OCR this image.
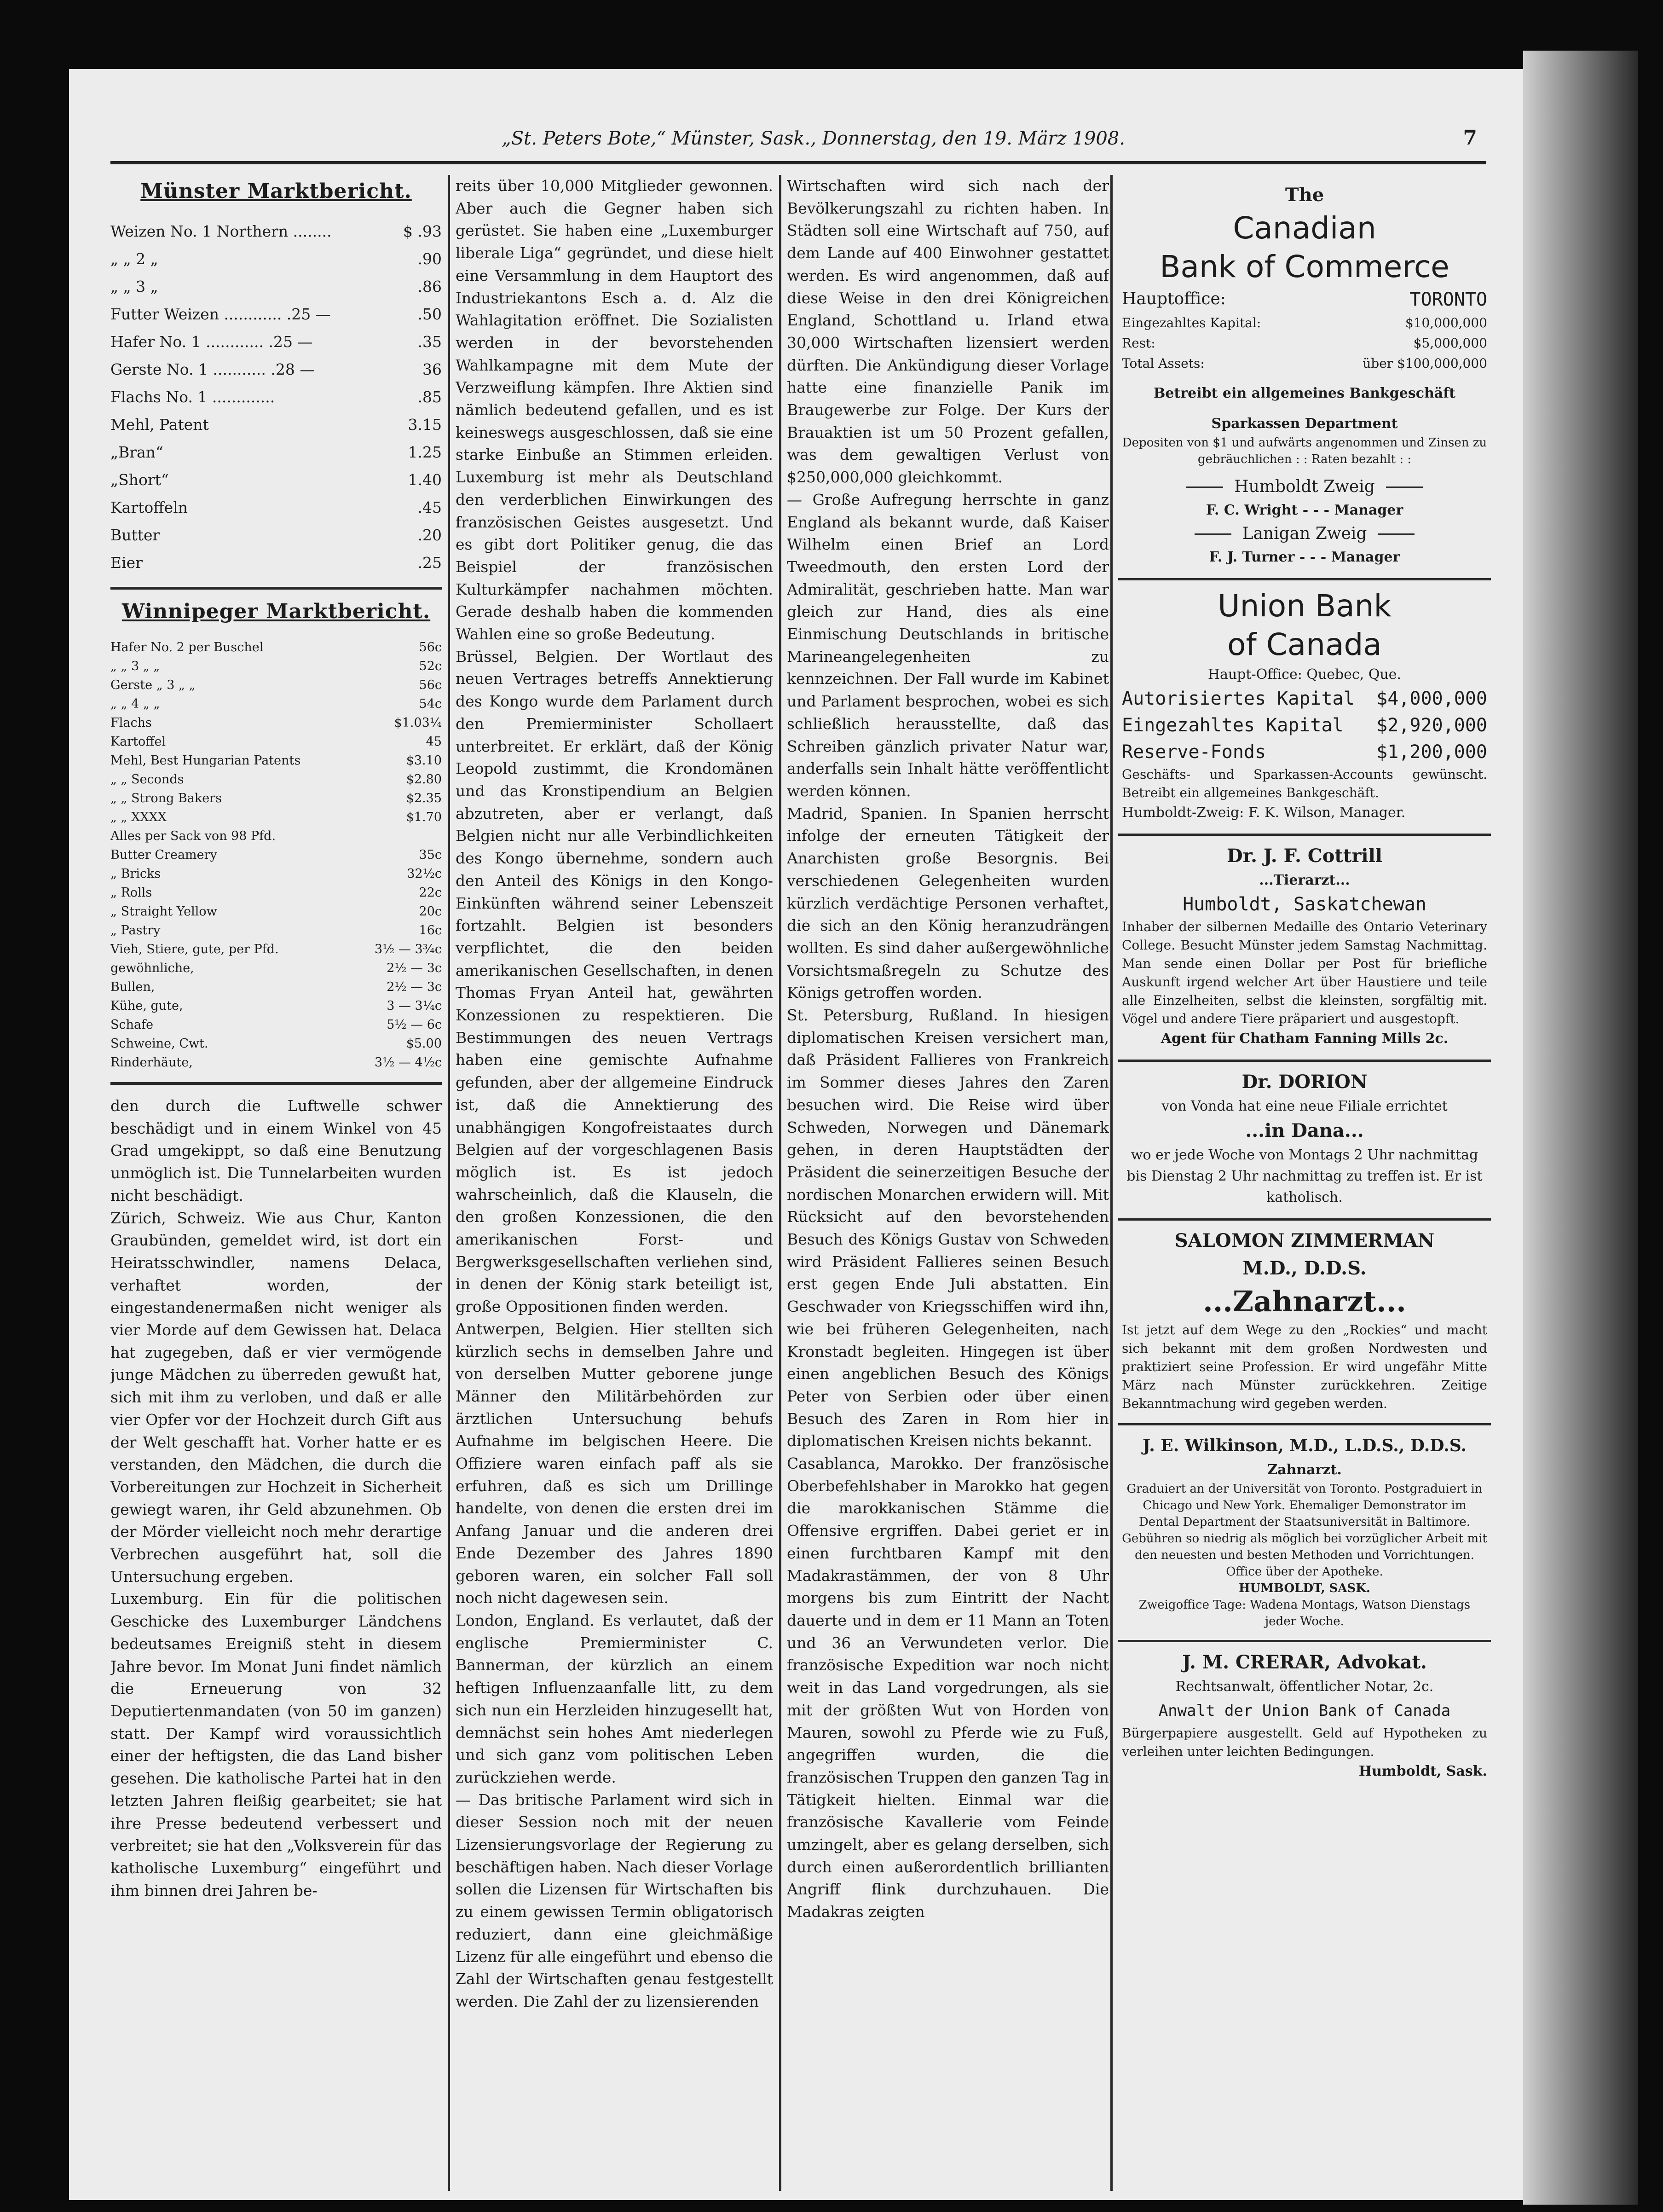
„St. Peters Bote,“ Münster, Sask., Donnerstag, den 19. März 1908.	7
Münster Marktbericht.
Weizen No. 1 Northern ........	$ .93
„ „ 2 „	.90
„ „ 3 „	.86
Futter Weizen ............ .25 —	.50
Hafer No. 1 ............ .25 —	.35
Gerste No. 1 ........... .28 —	36
Flachs No. 1 .............	.85
Mehl, Patent	3.15
„Bran“	1.25
„Short“	1.40
Kartoffeln	.45
Butter	.20
Eier	.25
Winnipeger Marktbericht.
Hafer No. 2 per Buschel	56c
„ „ 3 „ „	52c
Gerste „ 3 „ „	56c
„ „ 4 „ „	54c
Flachs	$1.03¼
Kartoffel	45
Mehl, Best Hungarian Patents	$3.10
„ „ Seconds	$2.80
„ „ Strong Bakers	$2.35
„ „ XXXX	$1.70
Alles per Sack von 98 Pfd.
Butter Creamery	35c
„ Bricks	32½c
„ Rolls	22c
„ Straight Yellow	20c
„ Pastry	16c
Vieh, Stiere, gute, per Pfd.	3½ — 3¾c
gewöhnliche,	2½ — 3c
Bullen,	2½ — 3c
Kühe, gute,	3 — 3¼c
Schafe	5½ — 6c
Schweine, Cwt.	$5.00
Rinderhäute,	3½ — 4½c

den durch die Luftwelle schwer beschädigt und in einem Winkel von 45 Grad umgekippt, so daß eine Benutzung unmöglich ist. Die Tunnelarbeiten wurden nicht beschädigt.

Zürich, Schweiz. Wie aus Chur, Kanton Graubünden, gemeldet wird, ist dort ein Heiratsschwindler, namens Delaca, verhaftet worden, der eingestandenermaßen nicht weniger als vier Morde auf dem Gewissen hat. Delaca hat zugegeben, daß er vier vermögende junge Mädchen zu überreden gewußt hat, sich mit ihm zu verloben, und daß er alle vier Opfer vor der Hochzeit durch Gift aus der Welt geschafft hat. Vorher hatte er es verstanden, den Mädchen, die durch die Vorbereitungen zur Hochzeit in Sicherheit gewiegt waren, ihr Geld abzunehmen. Ob der Mörder vielleicht noch mehr derartige Verbrechen ausgeführt hat, soll die Untersuchung ergeben.

Luxemburg. Ein für die politischen Geschicke des Luxemburger Ländchens bedeutsames Ereigniß steht in diesem Jahre bevor. Im Monat Juni findet nämlich die Erneuerung von 32 Deputiertenmandaten (von 50 im ganzen) statt. Der Kampf wird voraussichtlich einer der heftigsten, die das Land bisher gesehen. Die katholische Partei hat in den letzten Jahren fleißig gearbeitet; sie hat ihre Presse bedeutend verbessert und verbreitet; sie hat den „Volksverein für das katholische Luxemburg“ eingeführt und ihm binnen drei Jahren be-

reits über 10,000 Mitglieder gewonnen. Aber auch die Gegner haben sich gerüstet. Sie haben eine „Luxemburger liberale Liga“ gegründet, und diese hielt eine Versammlung in dem Hauptort des Industriekantons Esch a. d. Alz die Wahlagitation eröffnet. Die Sozialisten werden in der bevorstehenden Wahlkampagne mit dem Mute der Verzweiflung kämpfen. Ihre Aktien sind nämlich bedeutend gefallen, und es ist keineswegs ausgeschlossen, daß sie eine starke Einbuße an Stimmen erleiden. Luxemburg ist mehr als Deutschland den verderblichen Einwirkungen des französischen Geistes ausgesetzt. Und es gibt dort Politiker genug, die das Beispiel der französischen Kulturkämpfer nachahmen möchten. Gerade deshalb haben die kommenden Wahlen eine so große Bedeutung.

Brüssel, Belgien. Der Wortlaut des neuen Vertrages betreffs Annektierung des Kongo wurde dem Parlament durch den Premierminister Schollaert unterbreitet. Er erklärt, daß der König Leopold zustimmt, die Krondomänen und das Kronstipendium an Belgien abzutreten, aber er verlangt, daß Belgien nicht nur alle Verbindlichkeiten des Kongo übernehme, sondern auch den Anteil des Königs in den Kongo-Einkünften während seiner Lebenszeit fortzahlt. Belgien ist besonders verpflichtet, die den beiden amerikanischen Gesellschaften, in denen Thomas Fryan Anteil hat, gewährten Konzessionen zu respektieren. Die Bestimmungen des neuen Vertrags haben eine gemischte Aufnahme gefunden, aber der allgemeine Eindruck ist, daß die Annektierung des unabhängigen Kongofreistaates durch Belgien auf der vorgeschlagenen Basis möglich ist. Es ist jedoch wahrscheinlich, daß die Klauseln, die den großen Konzessionen, die den amerikanischen Forst- und Bergwerksgesellschaften verliehen sind, in denen der König stark beteiligt ist, große Oppositionen finden werden.

Antwerpen, Belgien. Hier stellten sich kürzlich sechs in demselben Jahre und von derselben Mutter geborene junge Männer den Militärbehörden zur ärztlichen Untersuchung behufs Aufnahme im belgischen Heere. Die Offiziere waren einfach paff als sie erfuhren, daß es sich um Drillinge handelte, von denen die ersten drei im Anfang Januar und die anderen drei Ende Dezember des Jahres 1890 geboren waren, ein solcher Fall soll noch nicht dagewesen sein.

London, England. Es verlautet, daß der englische Premierminister C. Bannerman, der kürzlich an einem heftigen Influenzaanfalle litt, zu dem sich nun ein Herzleiden hinzugesellt hat, demnächst sein hohes Amt niederlegen und sich ganz vom politischen Leben zurückziehen werde.

— Das britische Parlament wird sich in dieser Session noch mit der neuen Lizensierungsvorlage der Regierung zu beschäftigen haben. Nach dieser Vorlage sollen die Lizensen für Wirtschaften bis zu einem gewissen Termin obligatorisch reduziert, dann eine gleichmäßige Lizenz für alle eingeführt und ebenso die Zahl der Wirtschaften genau festgestellt werden. Die Zahl der zu lizensierenden

Wirtschaften wird sich nach der Bevölkerungszahl zu richten haben. In Städten soll eine Wirtschaft auf 750, auf dem Lande auf 400 Einwohner gestattet werden. Es wird angenommen, daß auf diese Weise in den drei Königreichen England, Schottland u. Irland etwa 30,000 Wirtschaften lizensiert werden dürften. Die Ankündigung dieser Vorlage hatte eine finanzielle Panik im Braugewerbe zur Folge. Der Kurs der Brauaktien ist um 50 Prozent gefallen, was dem gewaltigen Verlust von $250,000,000 gleichkommt.

— Große Aufregung herrschte in ganz England als bekannt wurde, daß Kaiser Wilhelm einen Brief an Lord Tweedmouth, den ersten Lord der Admiralität, geschrieben hatte. Man war gleich zur Hand, dies als eine Einmischung Deutschlands in britische Marineangelegenheiten zu kennzeichnen. Der Fall wurde im Kabinet und Parlament besprochen, wobei es sich schließlich herausstellte, daß das Schreiben gänzlich privater Natur war, anderfalls sein Inhalt hätte veröffentlicht werden können.

Madrid, Spanien. In Spanien herrscht infolge der erneuten Tätigkeit der Anarchisten große Besorgnis. Bei verschiedenen Gelegenheiten wurden kürzlich verdächtige Personen verhaftet, die sich an den König heranzudrängen wollten. Es sind daher außergewöhnliche Vorsichtsmaßregeln zu Schutze des Königs getroffen worden.

St. Petersburg, Rußland. In hiesigen diplomatischen Kreisen versichert man, daß Präsident Fallieres von Frankreich im Sommer dieses Jahres den Zaren besuchen wird. Die Reise wird über Schweden, Norwegen und Dänemark gehen, in deren Hauptstädten der Präsident die seinerzeitigen Besuche der nordischen Monarchen erwidern will. Mit Rücksicht auf den bevorstehenden Besuch des Königs Gustav von Schweden wird Präsident Fallieres seinen Besuch erst gegen Ende Juli abstatten. Ein Geschwader von Kriegsschiffen wird ihn, wie bei früheren Gelegenheiten, nach Kronstadt begleiten. Hingegen ist über einen angeblichen Besuch des Königs Peter von Serbien oder über einen Besuch des Zaren in Rom hier in diplomatischen Kreisen nichts bekannt.

Casablanca, Marokko. Der französische Oberbefehlshaber in Marokko hat gegen die marokkanischen Stämme die Offensive ergriffen. Dabei geriet er in einen furchtbaren Kampf mit den Madakrastämmen, der von 8 Uhr morgens bis zum Eintritt der Nacht dauerte und in dem er 11 Mann an Toten und 36 an Verwundeten verlor. Die französische Expedition war noch nicht weit in das Land vorgedrungen, als sie mit der größten Wut von Horden von Mauren, sowohl zu Pferde wie zu Fuß, angegriffen wurden, die die französischen Truppen den ganzen Tag in Tätigkeit hielten. Einmal war die französische Kavallerie vom Feinde umzingelt, aber es gelang derselben, sich durch einen außerordentlich brillianten Angriff flink durchzuhauen. Die Madakras zeigten

The
Canadian
Bank of Commerce
Hauptoffice:	TORONTO
Eingezahltes Kapital:	$10,000,000
Rest:	$5,000,000
Total Assets:	über $100,000,000
Betreibt ein allgemeines Bankgeschäft
Sparkassen Department
Depositen von $1 und aufwärts angenommen und Zinsen zu gebräuchlichen : : Raten bezahlt : :
Humboldt Zweig
F. C. Wright - - - Manager
Lanigan Zweig
F. J. Turner - - - Manager
Union Bank
of Canada
Haupt-Office: Quebec, Que.
Autorisiertes Kapital $4,000,000
Eingezahltes Kapital $2,920,000
Reserve-Fonds	$1,200,000
Geschäfts- und Sparkassen-Accounts gewünscht. Betreibt ein allgemeines Bankgeschäft.
Humboldt-Zweig: F. K. Wilson, Manager.
Dr. J. F. Cottrill
...Tierarzt...
Humboldt, Saskatchewan
Inhaber der silbernen Medaille des Ontario Veterinary College. Besucht Münster jedem Samstag Nachmittag. Man sende einen Dollar per Post für briefliche Auskunft irgend welcher Art über Haustiere und teile alle Einzelheiten, selbst die kleinsten, sorgfältig mit. Vögel und andere Tiere präpariert und ausgestopft.
Agent für Chatham Fanning Mills 2c.
Dr. DORION
von Vonda hat eine neue Filiale errichtet
...in Dana...
wo er jede Woche von Montags 2 Uhr nachmittag bis Dienstag 2 Uhr nachmittag zu treffen ist. Er ist katholisch.
SALOMON ZIMMERMAN
M.D., D.D.S.
...Zahnarzt...
Ist jetzt auf dem Wege zu den „Rockies“ und macht sich bekannt mit dem großen Nordwesten und praktiziert seine Profession. Er wird ungefähr Mitte März nach Münster zurückkehren. Zeitige Bekanntmachung wird gegeben werden.
J. E. Wilkinson, M.D., L.D.S., D.D.S.
Zahnarzt.
Graduiert an der Universität von Toronto. Postgraduiert in Chicago und New York. Ehemaliger Demonstrator im Dental Department der Staatsuniversität in Baltimore. Gebühren so niedrig als möglich bei vorzüglicher Arbeit mit den neuesten und besten Methoden und Vorrichtungen.
Office über der Apotheke.
HUMBOLDT, SASK.
Zweigoffice Tage: Wadena Montags, Watson Dienstags jeder Woche.
J. M. CRERAR, Advokat.
Rechtsanwalt, öffentlicher Notar, 2c.
Anwalt der Union Bank of Canada
Bürgerpapiere ausgestellt. Geld auf Hypotheken zu verleihen unter leichten Bedingungen.
Humboldt, Sask.
